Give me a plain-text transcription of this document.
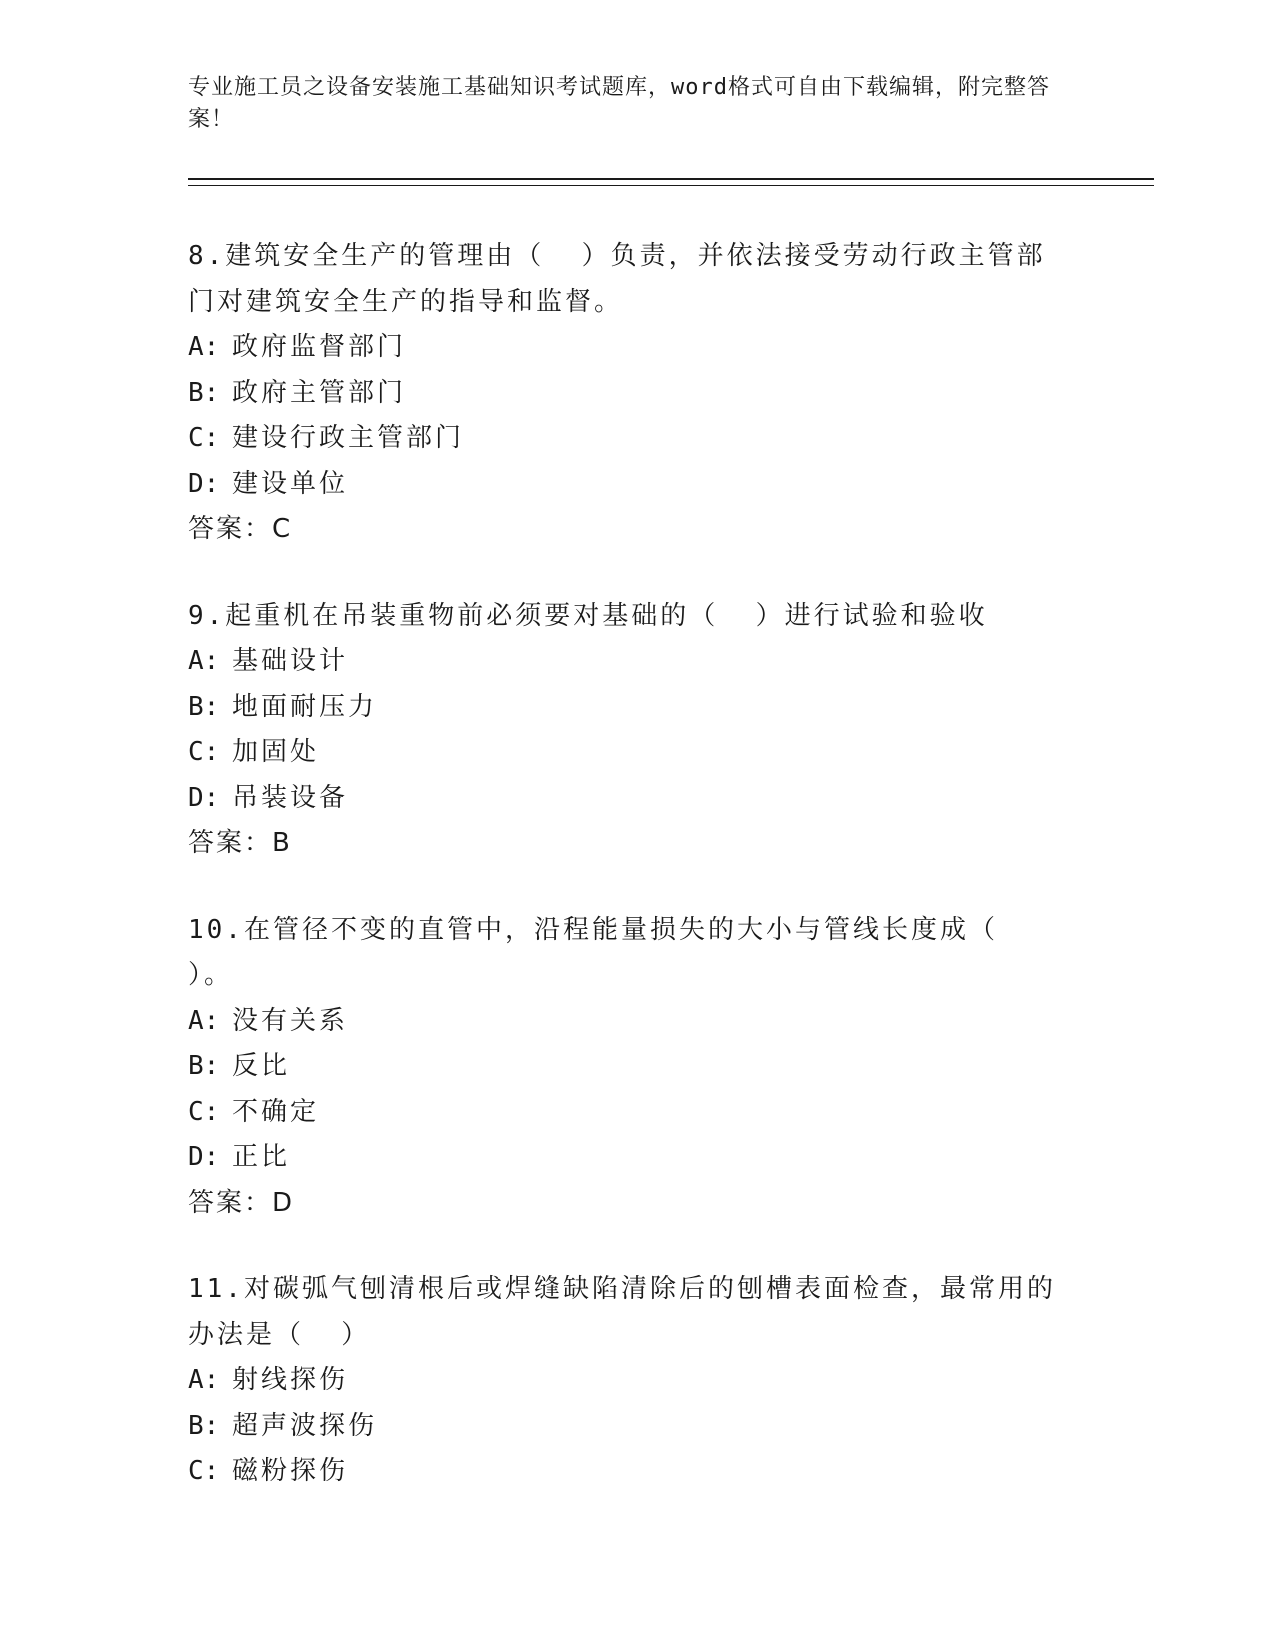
专业施工员之设备安装施工基础知识考试题库，word格式可自由下载编辑，附完整答案！
8.建筑安全生产的管理由（  ）负责，并依法接受劳动行政主管部门对建筑安全生产的指导和监督。
A: 政府监督部门
B: 政府主管部门
C: 建设行政主管部门
D: 建设单位
答案：C
9.起重机在吊装重物前必须要对基础的（  ）进行试验和验收
A: 基础设计
B: 地面耐压力
C: 加固处
D: 吊装设备
答案：B
10.在管径不变的直管中，沿程能量损失的大小与管线长度成（  ）。
A: 没有关系
B: 反比
C: 不确定
D: 正比
答案：D
11.对碳弧气刨清根后或焊缝缺陷清除后的刨槽表面检查，最常用的办法是（  ）
A: 射线探伤
B: 超声波探伤
C: 磁粉探伤
